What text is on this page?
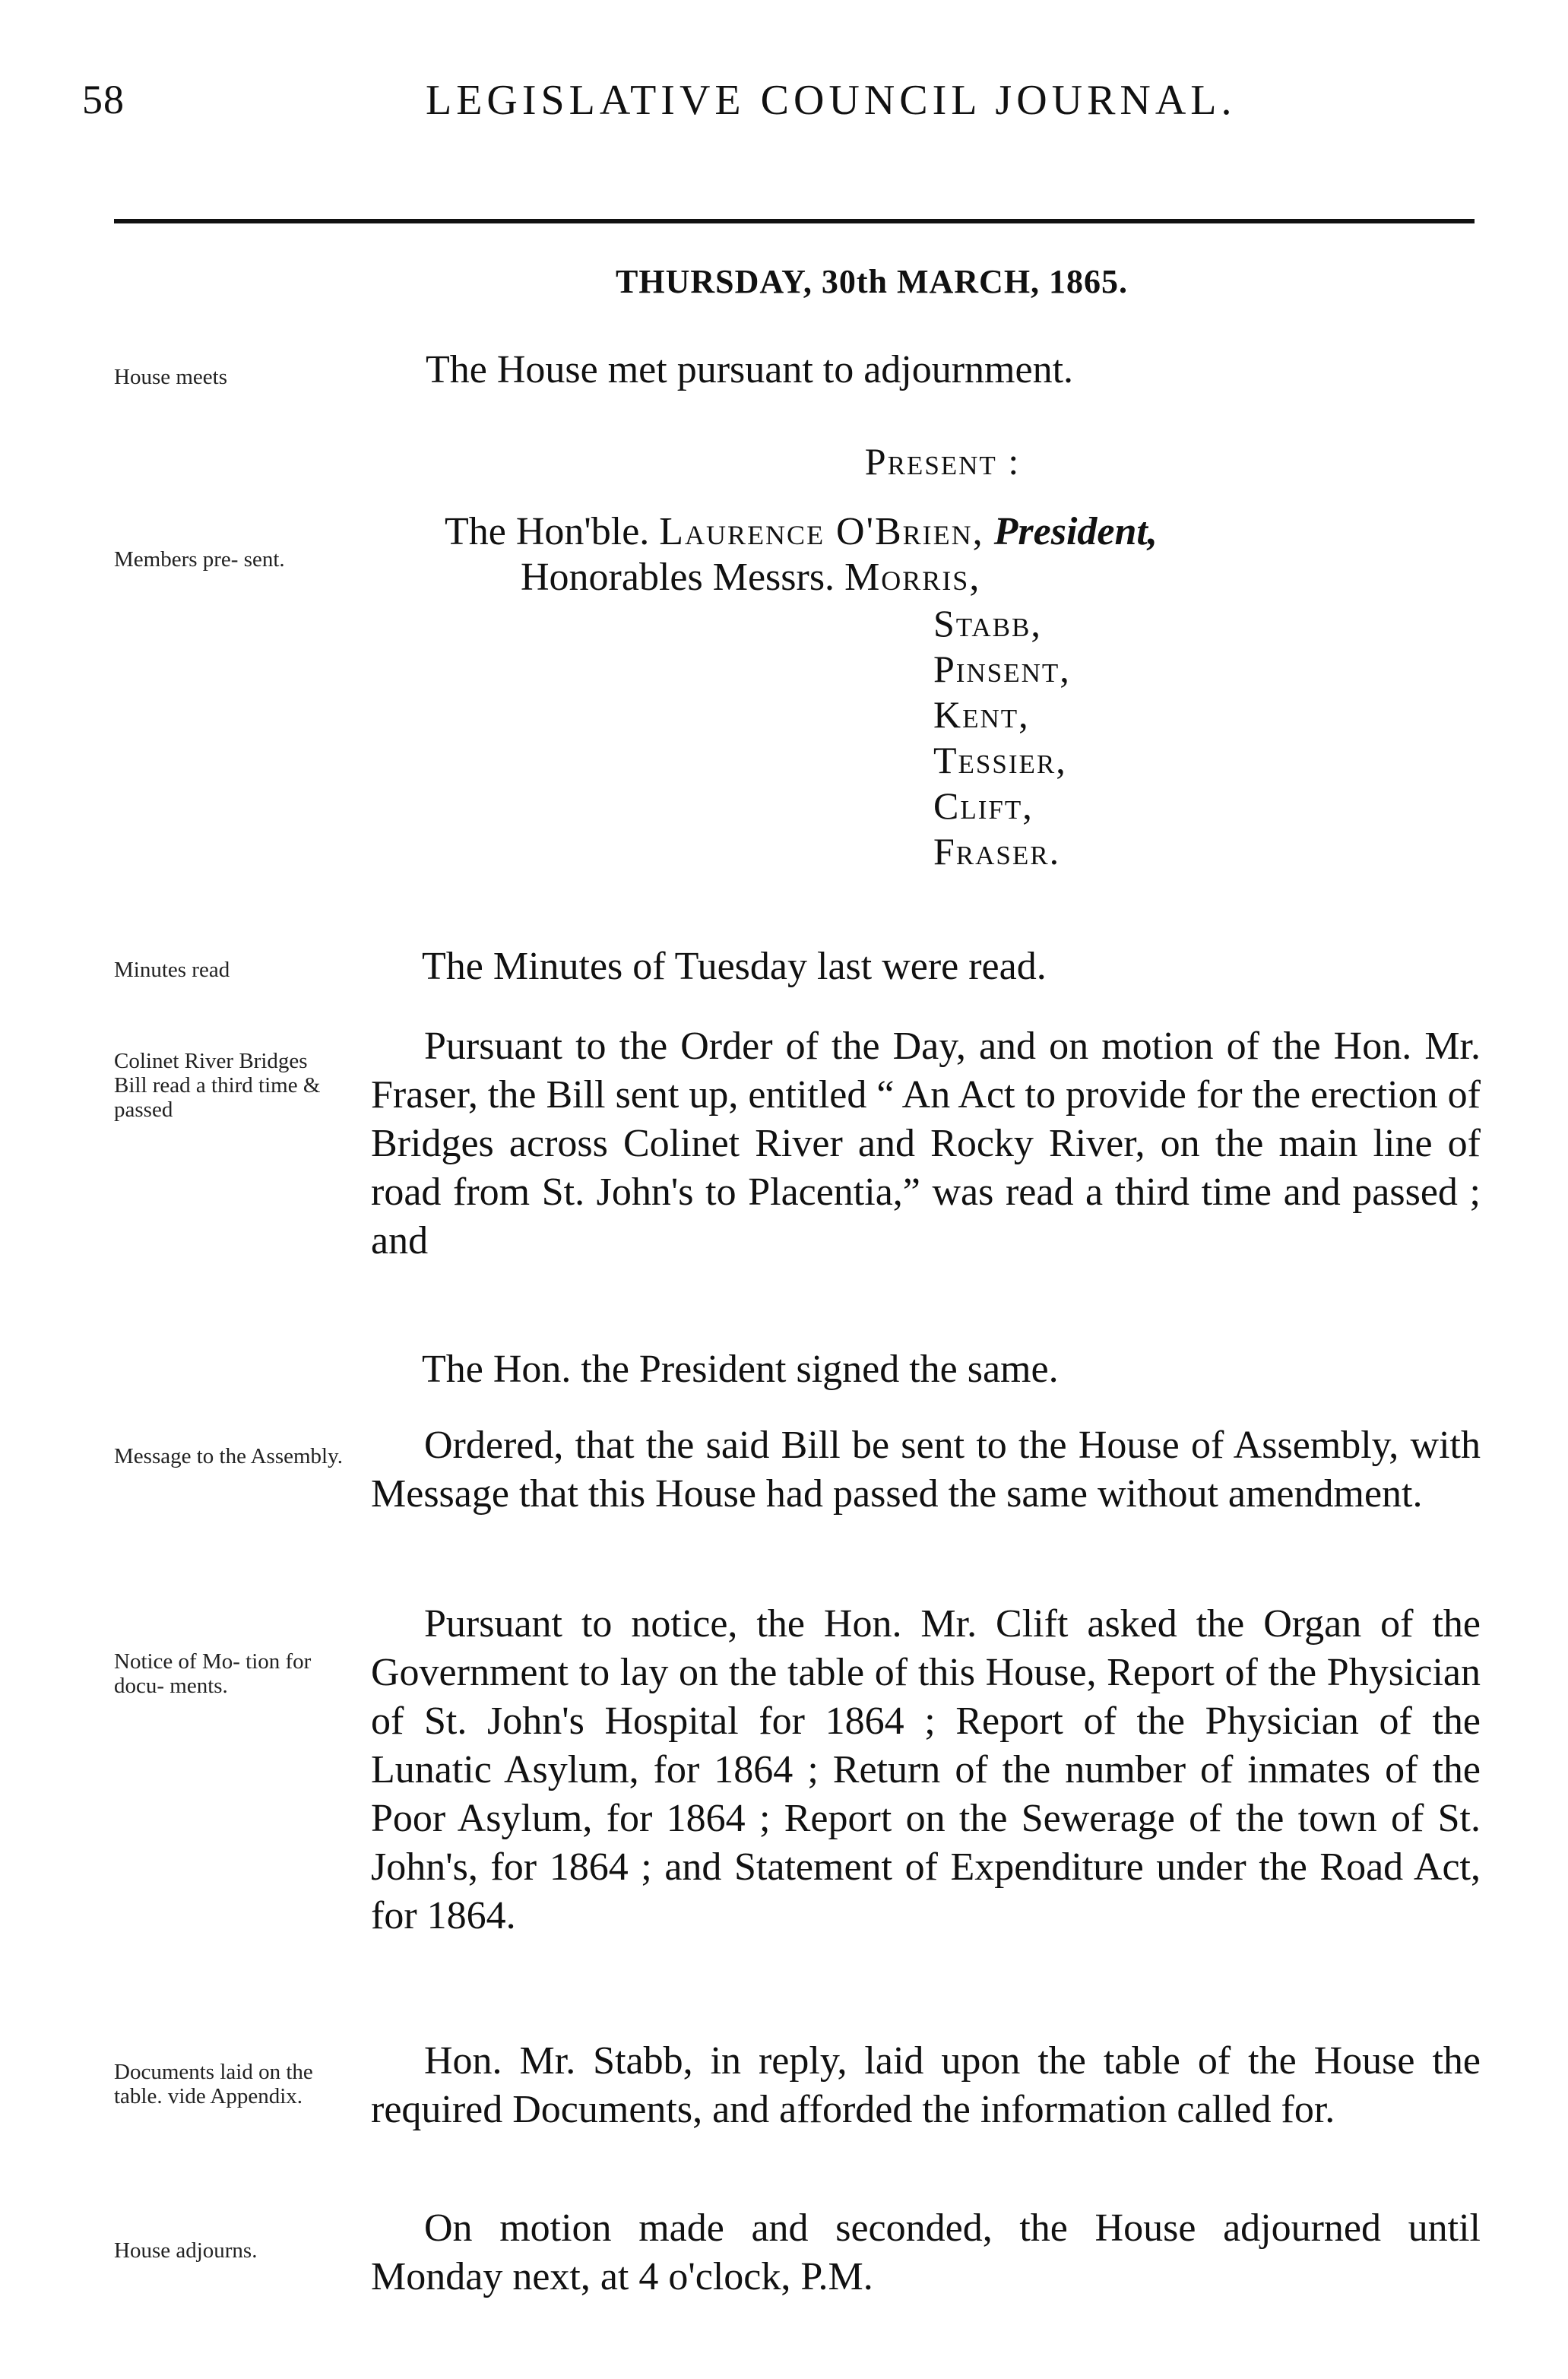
58	LEGISLATIVE COUNCIL JOURNAL.
THURSDAY, 30th MARCH, 1865.
House meets
Members pre- sent.
Minutes read
Colinet River Bridges Bill read a third time & passed
Message to the Assembly.
Notice of Mo- tion for docu- ments.
Documents laid on the table. vide Appendix.
House adjourns.
The House met pursuant to adjournment.
Present :
The Hon'ble. Laurence O'Brien, President,
Honorables Messrs. Morris,
Stabb,
Pinsent,
Kent,
Tessier,
Clift,
Fraser.
The Minutes of Tuesday last were read.
Pursuant to the Order of the Day, and on motion of the Hon. Mr. Fraser, the Bill sent up, entitled “ An Act to provide for the erection of Bridges across Colinet River and Rocky River, on the main line of road from St. John's to Placentia,” was read a third time and passed ; and
The Hon. the President signed the same.
Ordered, that the said Bill be sent to the House of Assembly, with Message that this House had passed the same without amendment.
Pursuant to notice, the Hon. Mr. Clift asked the Organ of the Government to lay on the table of this House, Report of the Physician of St. John's Hospital for 1864 ; Report of the Physician of the Lunatic Asylum, for 1864 ; Return of the number of inmates of the Poor Asylum, for 1864 ; Report on the Sewerage of the town of St. John's, for 1864 ; and Statement of Expenditure under the Road Act, for 1864.
Hon. Mr. Stabb, in reply, laid upon the table of the House the required Documents, and afforded the information called for.
On motion made and seconded, the House adjourned until Monday next, at 4 o'clock, P.M.
